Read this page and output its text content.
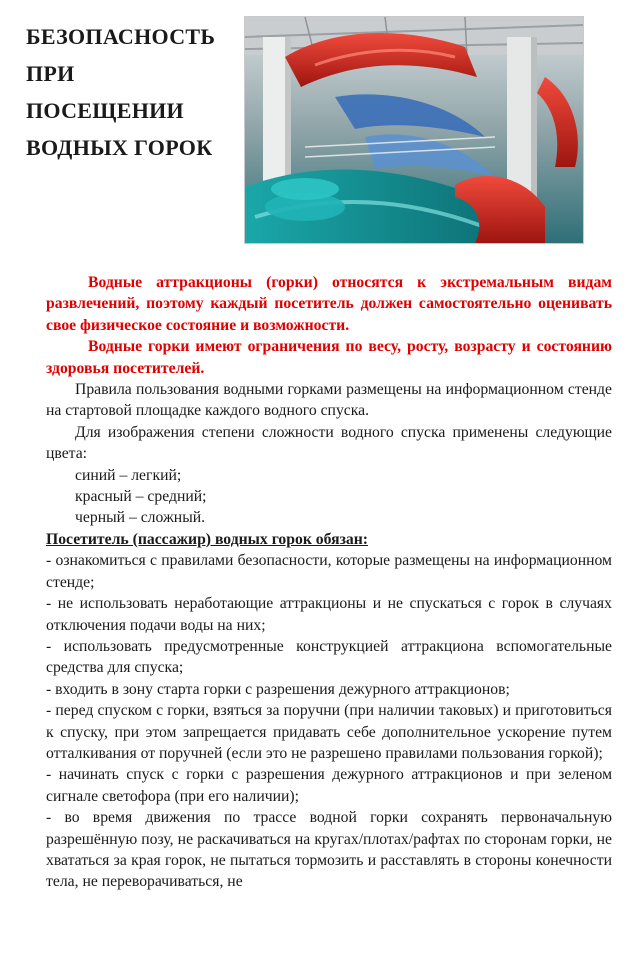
БЕЗОПАСНОСТЬ
ПРИ
ПОСЕЩЕНИИ
ВОДНЫХ ГОРОК

Водные аттракционы (горки) относятся к экстремальным видам развлечений, поэтому каждый посетитель должен самостоятельно оценивать свое физическое состояние и возможности.

Водные горки имеют ограничения по весу, росту, возрасту и состоянию здоровья посетителей.

Правила пользования водными горками размещены на информационном стенде на стартовой площадке каждого водного спуска.

Для изображения степени сложности водного спуска применены следующие цвета:

синий – легкий;

красный – средний;

черный – сложный.

Посетитель (пассажир) водных горок обязан:

- ознакомиться с правилами безопасности, которые размещены на информационном стенде;

- не использовать неработающие аттракционы и не спускаться с горок в случаях отключения подачи воды на них;

- использовать предусмотренные конструкцией аттракциона вспомогательные средства для спуска;

- входить в зону старта горки с разрешения дежурного аттракционов;

- перед спуском с горки, взяться за поручни (при наличии таковых) и приготовиться к спуску, при этом запрещается придавать себе дополнительное ускорение путем отталкивания от поручней (если это не разрешено правилами пользования горкой);

- начинать спуск с горки с разрешения дежурного аттракционов и при зеленом сигнале светофора (при его наличии);

- во время движения по трассе водной горки сохранять первоначальную разрешённую позу, не раскачиваться на кругах/плотах/рафтах по сторонам горки, не хвататься за края горок, не пытаться тормозить и расставлять в стороны конечности тела, не переворачиваться, не
